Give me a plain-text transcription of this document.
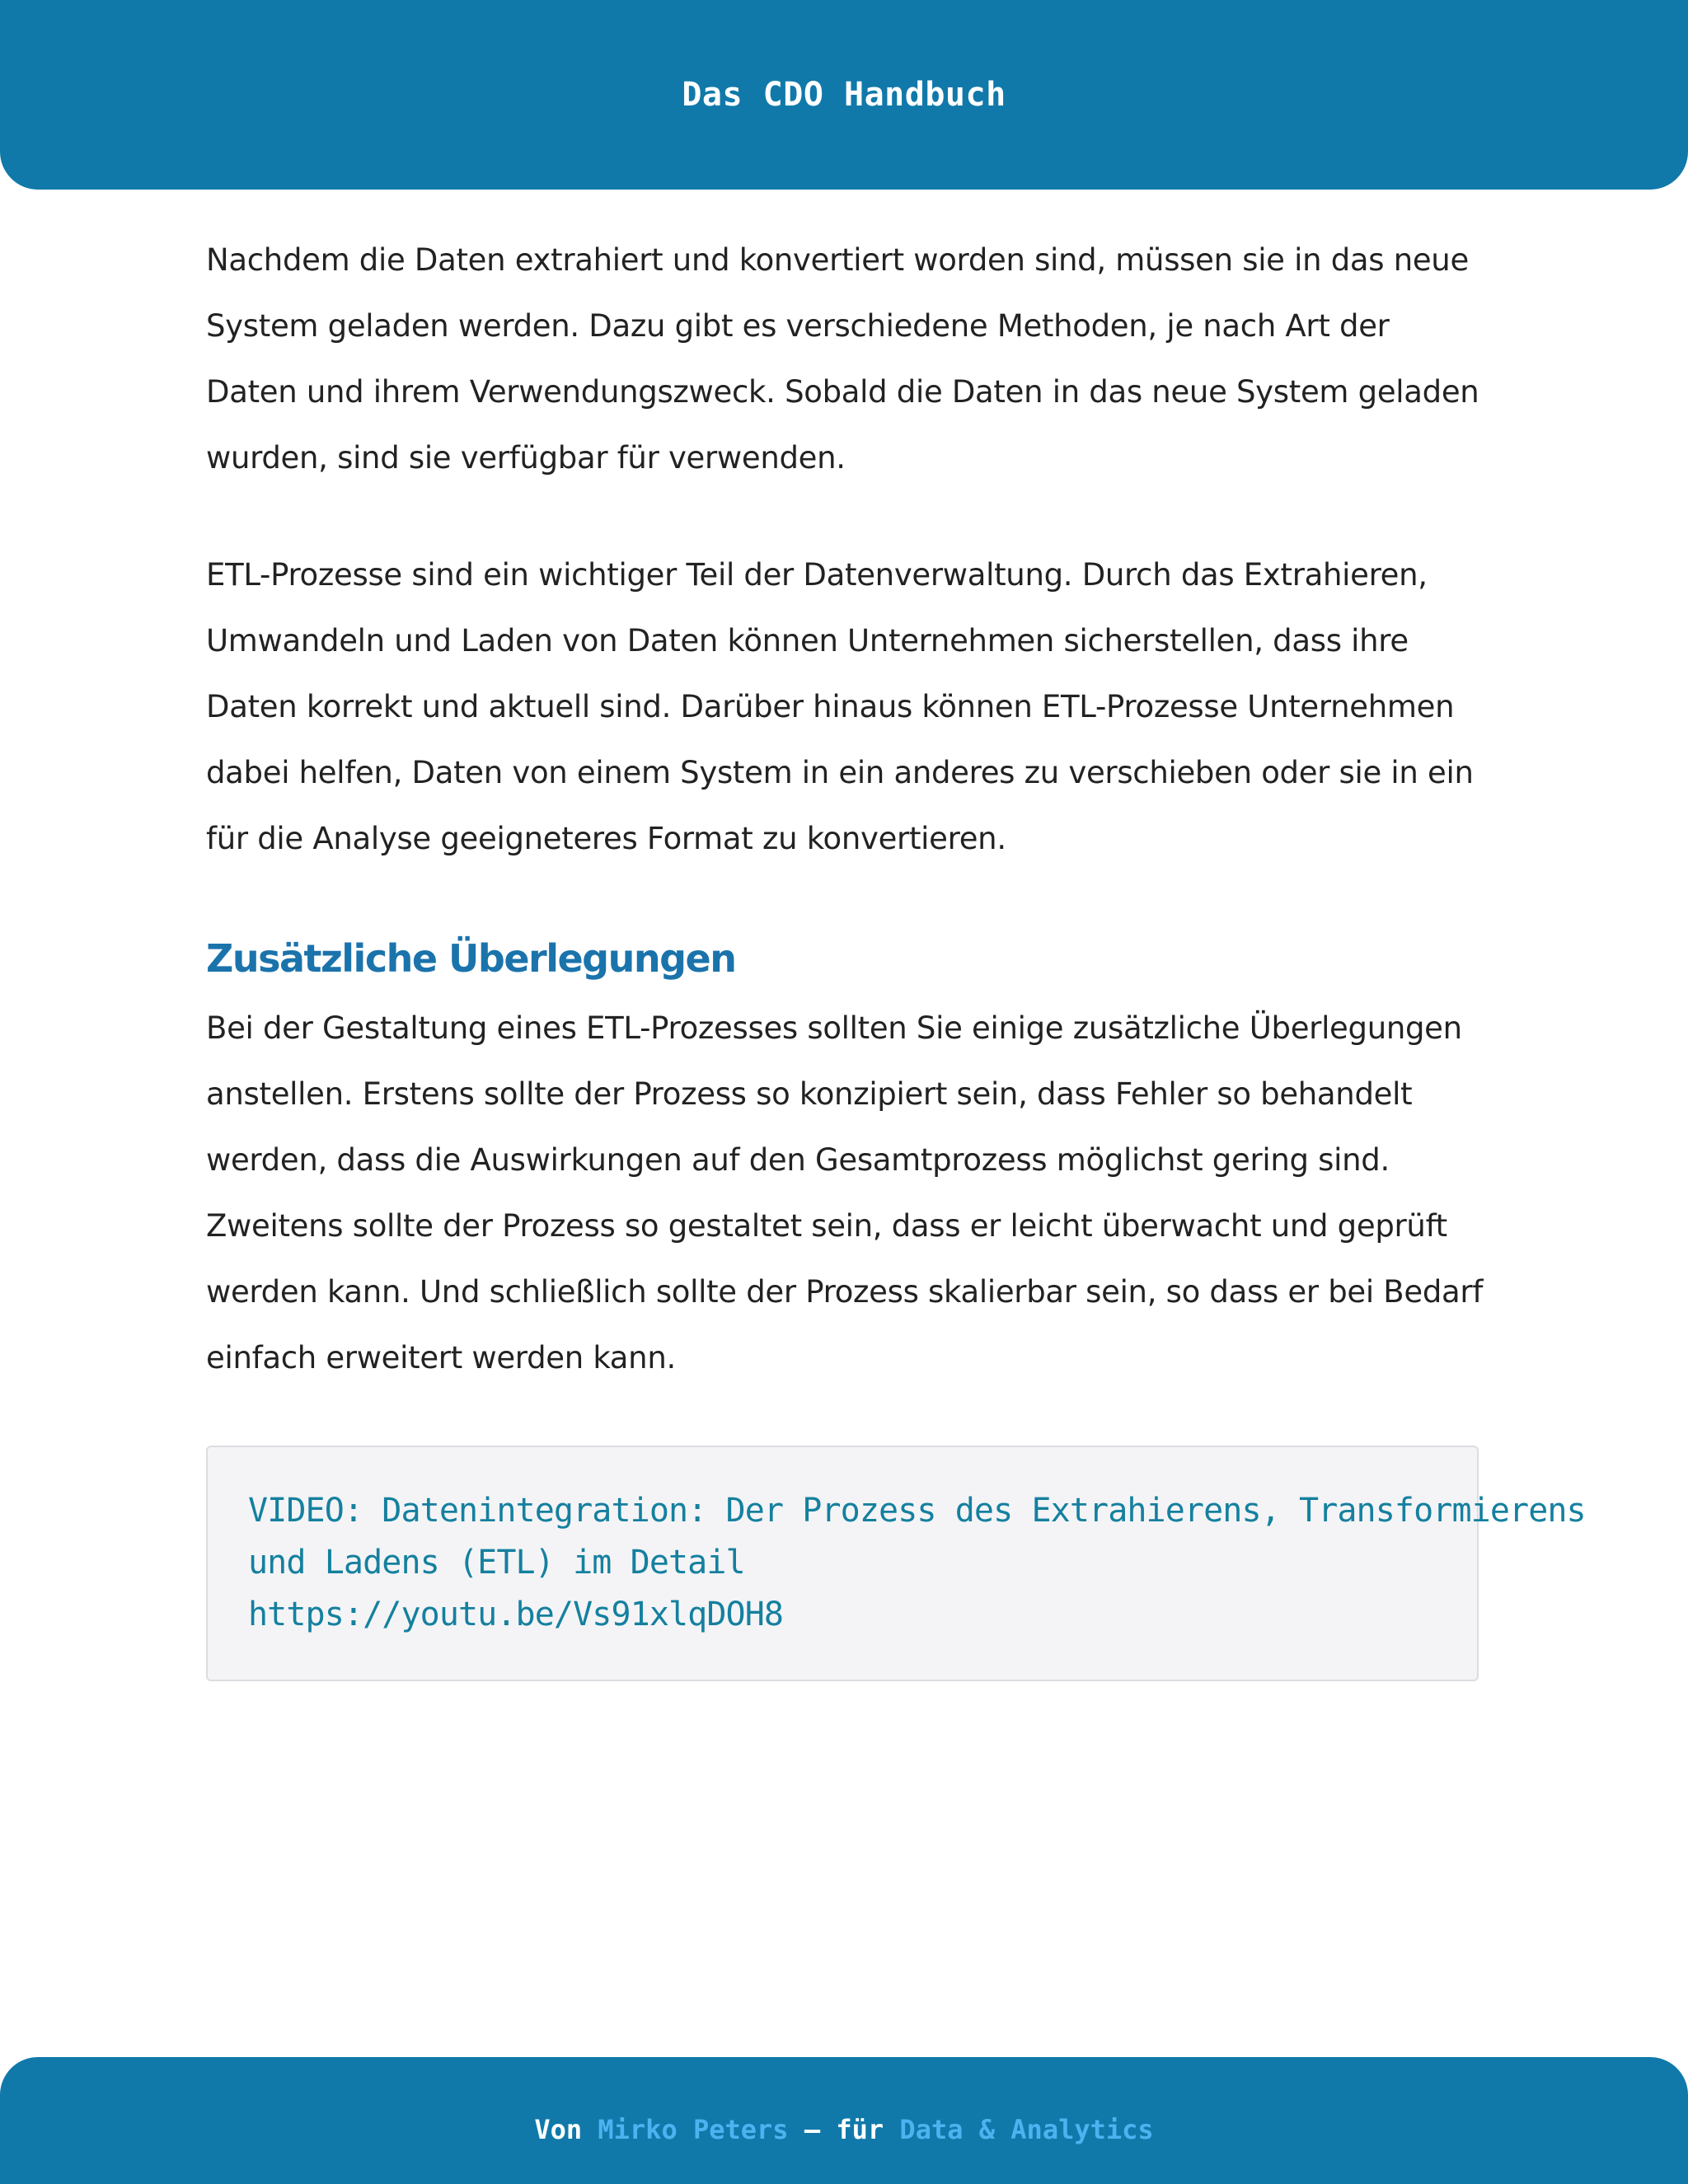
Das CDO Handbuch

Nachdem die Daten extrahiert und konvertiert worden sind, müssen sie in das neue System geladen werden. Dazu gibt es verschiedene Methoden, je nach Art der Daten und ihrem Verwendungszweck. Sobald die Daten in das neue System geladen wurden, sind sie verfügbar für verwenden.

ETL-Prozesse sind ein wichtiger Teil der Datenverwaltung. Durch das Extrahieren, Umwandeln und Laden von Daten können Unternehmen sicherstellen, dass ihre Daten korrekt und aktuell sind. Darüber hinaus können ETL-Prozesse Unternehmen dabei helfen, Daten von einem System in ein anderes zu verschieben oder sie in ein für die Analyse geeigneteres Format zu konvertieren.

Zusätzliche Überlegungen

Bei der Gestaltung eines ETL-Prozesses sollten Sie einige zusätzliche Überlegungen anstellen. Erstens sollte der Prozess so konzipiert sein, dass Fehler so behandelt werden, dass die Auswirkungen auf den Gesamtprozess möglichst gering sind. Zweitens sollte der Prozess so gestaltet sein, dass er leicht überwacht und geprüft werden kann. Und schließlich sollte der Prozess skalierbar sein, so dass er bei Bedarf einfach erweitert werden kann.

VIDEO: Datenintegration: Der Prozess des Extrahierens, Transformierens
und Ladens (ETL) im Detail
https://youtu.be/Vs91xlqDOH8
Von Mirko Peters – für Data & Analytics
